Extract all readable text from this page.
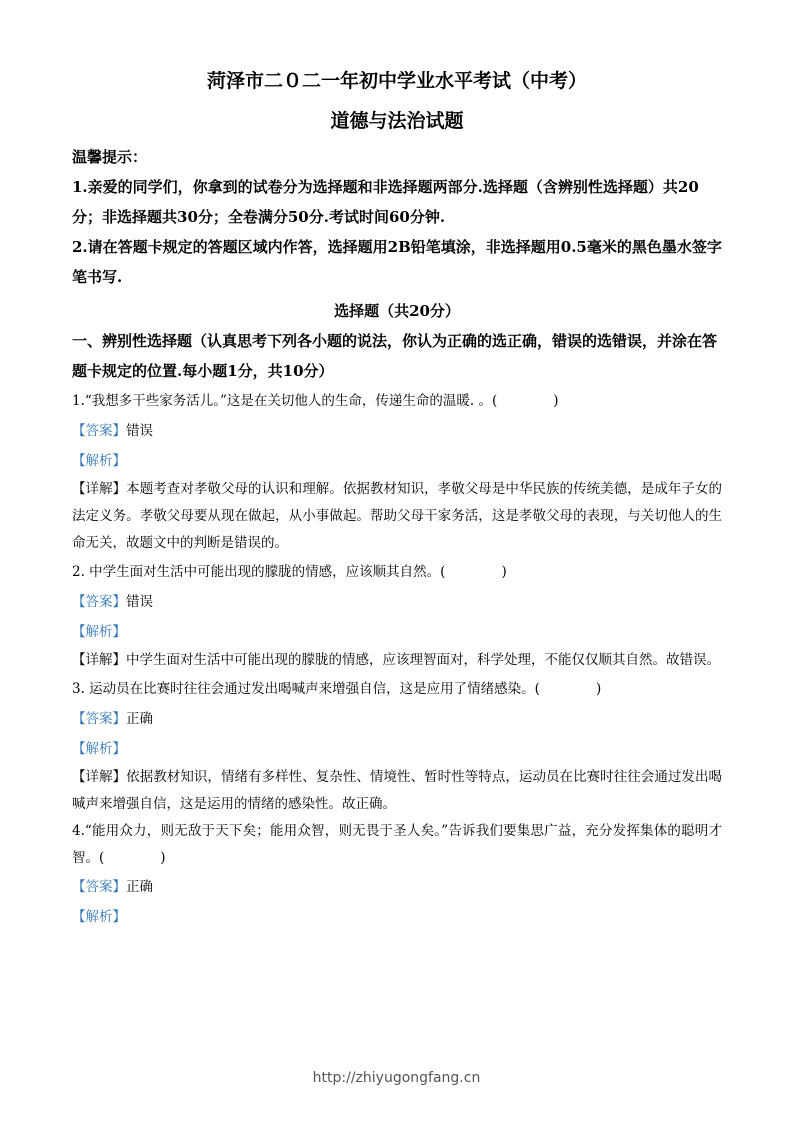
菏泽市二０二一年初中学业水平考试（中考）

道德与法治试题

温馨提示：

1.亲爱的同学们，你拿到的试卷分为选择题和非选择题两部分.选择题（含辨别性选择题）共20分；非选择题共30分；全卷满分50分.考试时间60分钟.

2.请在答题卡规定的答题区域内作答，选择题用2B铅笔填涂，非选择题用0.5毫米的黑色墨水签字笔书写.

选择题（共20分）

一、辨别性选择题（认真思考下列各小题的说法，你认为正确的选正确，错误的选错误，并涂在答题卡规定的位置.每小题1分，共10分）

1.“我想多干些家务活儿。”这是在关切他人的生命，传递生命的温暖. 。(	)

【答案】错误

【解析】

【详解】本题考查对孝敬父母的认识和理解。依据教材知识，孝敬父母是中华民族的传统美德，是成年子女的法定义务。孝敬父母要从现在做起，从小事做起。帮助父母干家务活，这是孝敬父母的表现，与关切他人的生命无关，故题文中的判断是错误的。

2. 中学生面对生活中可能出现的朦胧的情感，应该顺其自然。(	)

【答案】错误

【解析】

【详解】中学生面对生活中可能出现的朦胧的情感，应该理智面对，科学处理，不能仅仅顺其自然。故错误。

3. 运动员在比赛时往往会通过发出喝喊声来增强自信，这是应用了情绪感染。(	)

【答案】正确

【解析】

【详解】依据教材知识，情绪有多样性、复杂性、情境性、暂时性等特点，运动员在比赛时往往会通过发出喝喊声来增强自信，这是运用的情绪的感染性。故正确。

4.“能用众力，则无敌于天下矣；能用众智，则无畏于圣人矣。”告诉我们要集思广益，充分发挥集体的聪明才智。(	)

【答案】正确

【解析】

http://zhiyugongfang.cn
